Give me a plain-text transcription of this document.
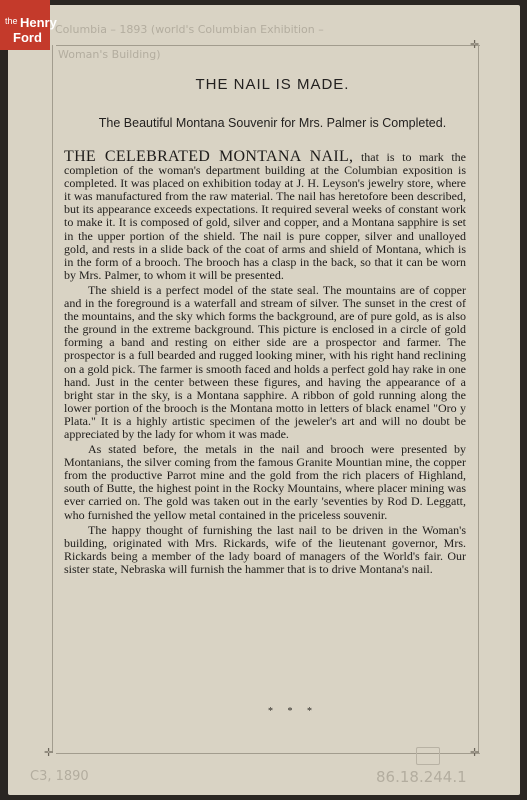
✛
✛	✛
Columbia – 1893 (world's Columbian Exhibition –
Woman's Building)
C3, 1890	86.18.244.1
the Henry
Ford
THE NAIL IS MADE.
The Beautiful Montana Souvenir for Mrs. Palmer is Completed.

THE CELEBRATED MONTANA NAIL, that is to mark the completion of the woman's department building at the Columbian exposition is completed. It was placed on exhibition today at J. H. Leyson's jewelry store, where it was manufactured from the raw material. The nail has heretofore been described, but its appearance exceeds expectations. It required several weeks of constant work to make it. It is composed of gold, silver and copper, and a Montana sapphire is set in the upper portion of the shield. The nail is pure copper, silver and unalloyed gold, and rests in a slide back of the coat of arms and shield of Montana, which is in the form of a brooch. The brooch has a clasp in the back, so that it can be worn by Mrs. Palmer, to whom it will be presented.

The shield is a perfect model of the state seal. The mountains are of copper and in the foreground is a waterfall and stream of silver. The sunset in the crest of the mountains, and the sky which forms the background, are of pure gold, as is also the ground in the extreme background. This picture is enclosed in a circle of gold forming a band and resting on either side are a prospector and farmer. The prospector is a full bearded and rugged looking miner, with his right hand reclining on a gold pick. The farmer is smooth faced and holds a perfect gold hay rake in one hand. Just in the center between these figures, and having the appearance of a bright star in the sky, is a Montana sapphire. A ribbon of gold running along the lower portion of the brooch is the Montana motto in letters of black enamel "Oro y Plata." It is a highly artistic specimen of the jeweler's art and will no doubt be appreciated by the lady for whom it was made.

As stated before, the metals in the nail and brooch were presented by Montanians, the silver coming from the famous Granite Mountian mine, the copper from the productive Parrot mine and the gold from the rich placers of Highland, south of Butte, the highest point in the Rocky Mountains, where placer mining was ever carried on. The gold was taken out in the early 'seventies by Rod D. Leggatt, who furnished the yellow metal contained in the priceless souvenir.

The happy thought of furnishing the last nail to be driven in the Woman's building, originated with Mrs. Rickards, wife of the lieutenant governor, Mrs. Rickards being a member of the lady board of managers of the World's fair. Our sister state, Nebraska will furnish the hammer that is to drive Montana's nail.

* * *
